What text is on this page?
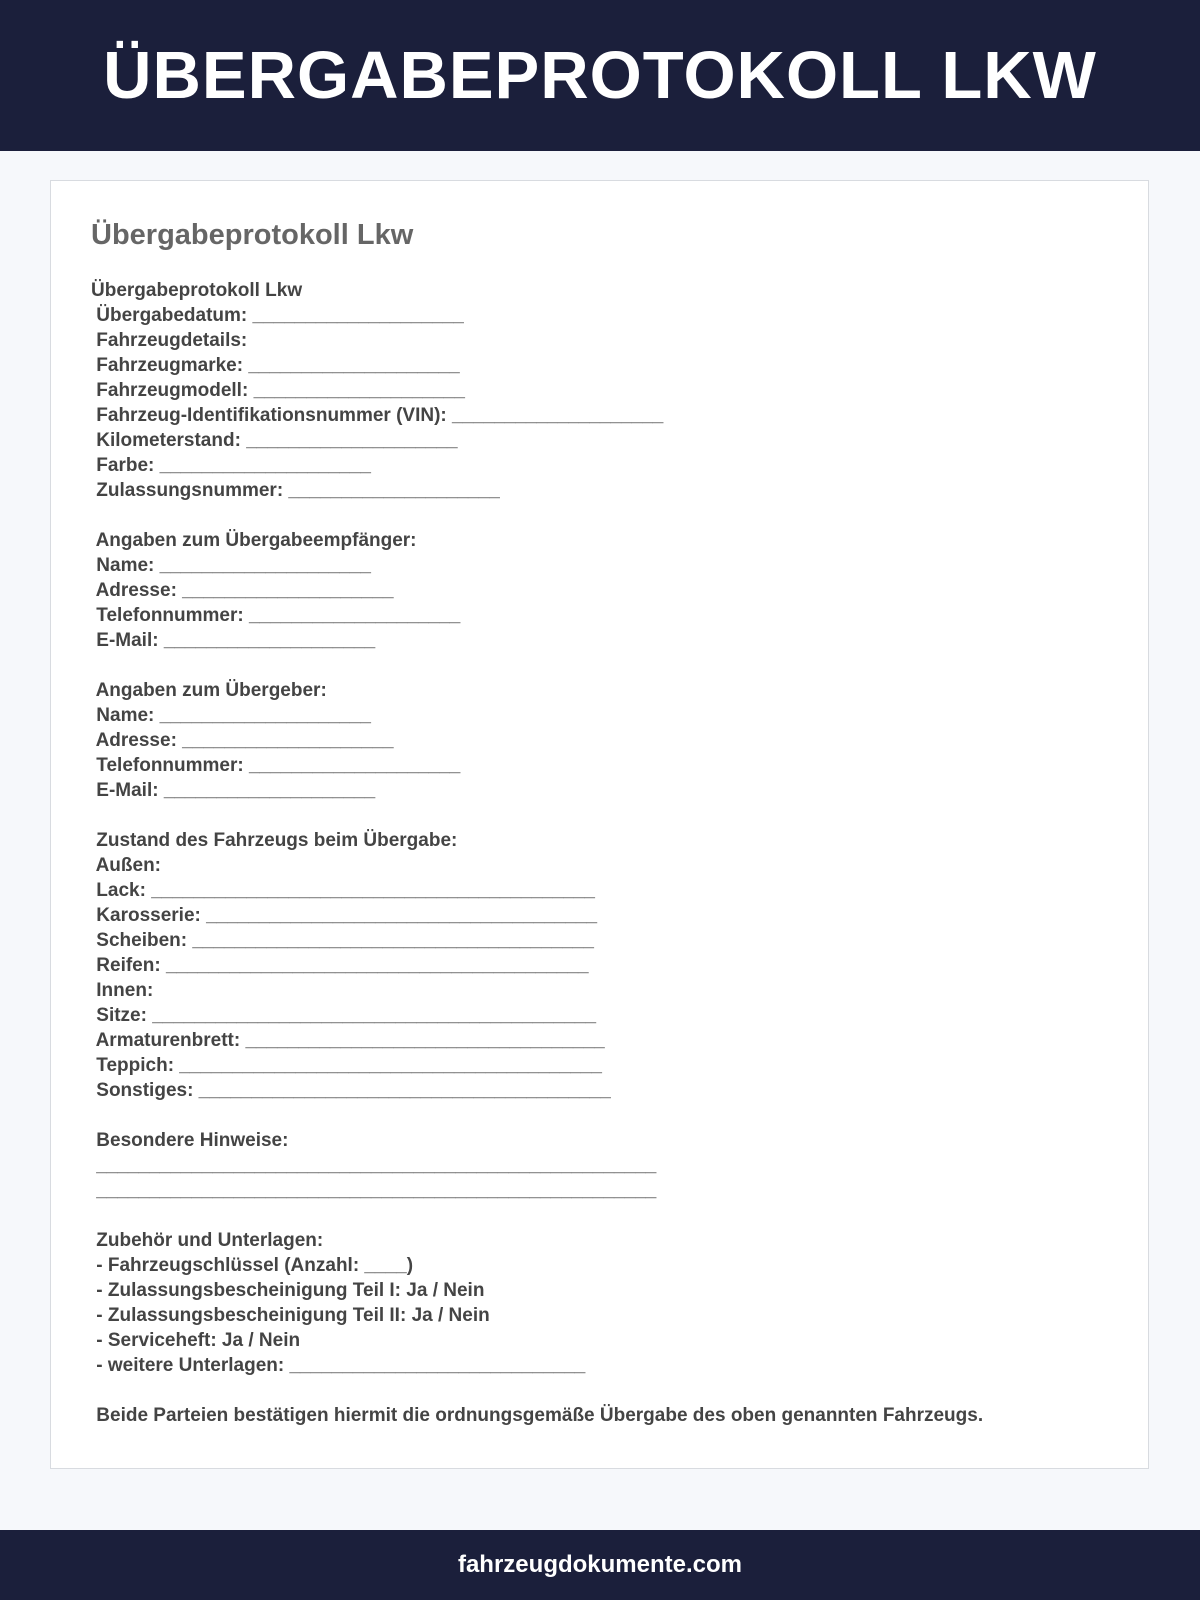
ÜBERGABEPROTOKOLL LKW
Übergabeprotokoll Lkw
Übergabeprotokoll Lkw
Übergabedatum: ____________________
Fahrzeugdetails:
Fahrzeugmarke: ____________________
Fahrzeugmodell: ____________________
Fahrzeug-Identifikationsnummer (VIN): ____________________
Kilometerstand: ____________________
Farbe: ____________________
Zulassungsnummer: ____________________
Angaben zum Übergabeempfänger:
Name: ____________________
Adresse: ____________________
Telefonnummer: ____________________
E-Mail: ____________________
Angaben zum Übergeber:
Name: ____________________
Adresse: ____________________
Telefonnummer: ____________________
E-Mail: ____________________
Zustand des Fahrzeugs beim Übergabe:
Außen:
Lack: __________________________________________
Karosserie: _____________________________________
Scheiben: ______________________________________
Reifen: ________________________________________
Innen:
Sitze: __________________________________________
Armaturenbrett: __________________________________
Teppich: ________________________________________
Sonstiges: _______________________________________
Besondere Hinweise:
_____________________________________________________
_____________________________________________________
Zubehör und Unterlagen:
- Fahrzeugschlüssel (Anzahl: ____)
- Zulassungsbescheinigung Teil I: Ja / Nein
- Zulassungsbescheinigung Teil II: Ja / Nein
- Serviceheft: Ja / Nein
- weitere Unterlagen: ____________________________
Beide Parteien bestätigen hiermit die ordnungsgemäße Übergabe des oben genannten Fahrzeugs.
fahrzeugdokumente.com
